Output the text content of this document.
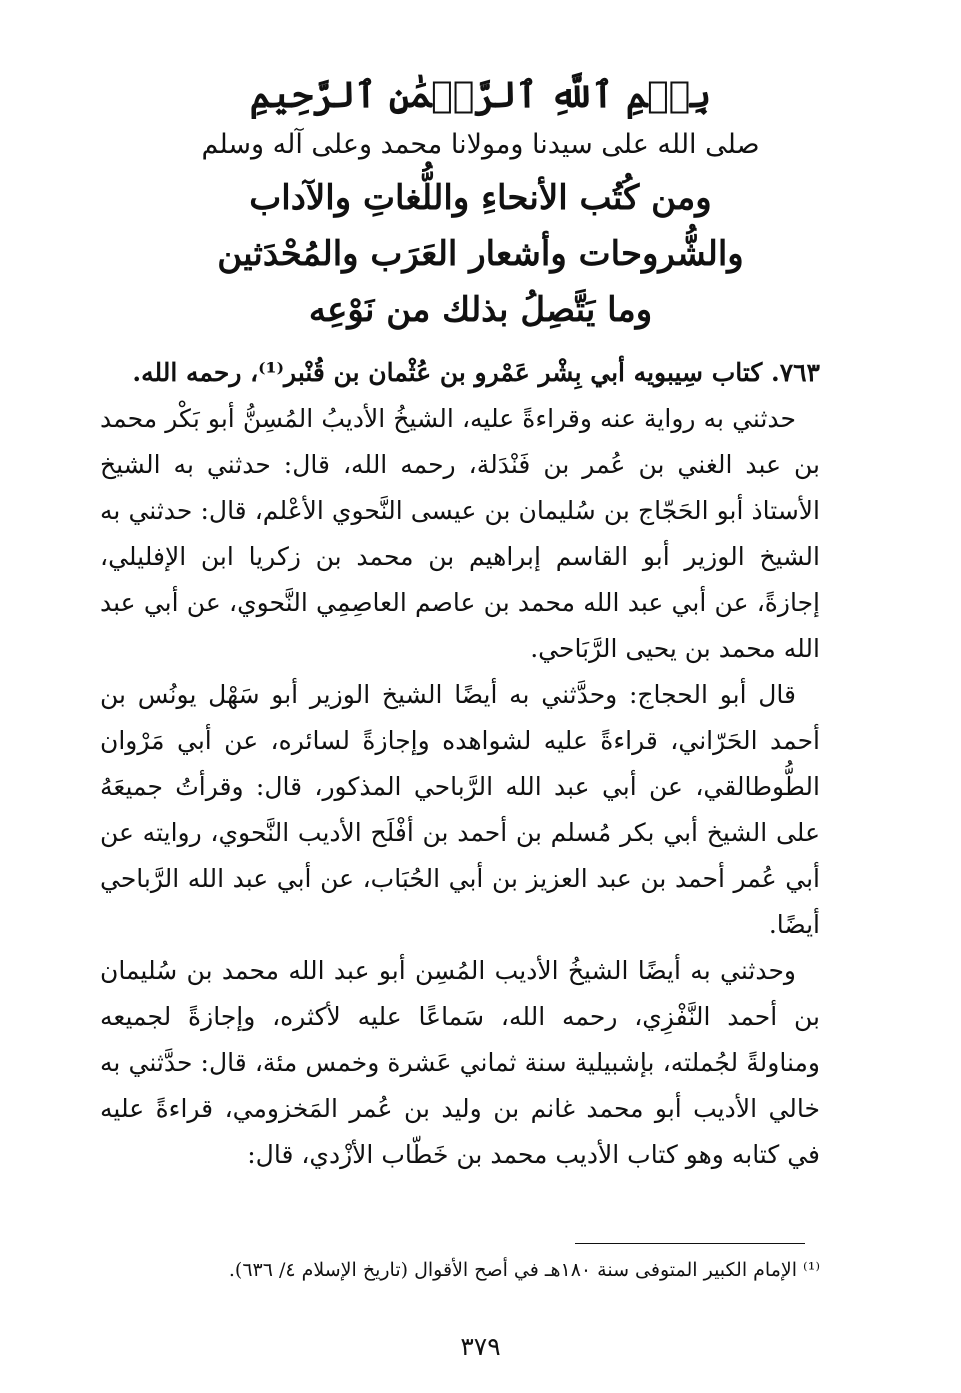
بِسۡمِ ٱللَّهِ ٱلرَّحۡمَٰنِ ٱلرَّحِيمِ
صلى الله على سيدنا ومولانا محمد وعلى آله وسلم
ومن كُتُب الأنحاءِ واللُّغاتِ والآداب
والشُّروحات وأشعار العَرَب والمُحْدَثين
وما يَتَّصِلُ بذلك من نَوْعِه

٧٦٣. كتاب سِيبويه أبي بِشْر عَمْرو بن عُثْمان بن قُنْبر⁽¹⁾، رحمه الله.

حدثني به رواية عنه وقراءةً عليه، الشيخُ الأديبُ المُسِنُّ أبو بَكْر محمد بن عبد الغني بن عُمر بن فَنْدَلة، رحمه الله، قال: حدثني به الشيخ الأستاذ أبو الحَجّاج بن سُليمان بن عيسى النَّحوي الأعْلم، قال: حدثني به الشيخ الوزير أبو القاسم إبراهيم بن محمد بن زكريا ابن الإفليلي، إجازةً، عن أبي عبد الله محمد بن عاصم العاصِمِي النَّحوي، عن أبي عبد الله محمد بن يحيى الرَّبَاحي.

قال أبو الحجاج: وحدَّثني به أيضًا الشيخ الوزير أبو سَهْل يونُس بن أحمد الحَرّاني، قراءةً عليه لشواهده وإجازةً لسائره، عن أبي مَرْوان الطُّوطالقي، عن أبي عبد الله الرَّباحي المذكور، قال: وقرأتُ جميعَهُ على الشيخ أبي بكر مُسلم بن أحمد بن أفْلَح الأديب النَّحوي، روايته عن أبي عُمر أحمد بن عبد العزيز بن أبي الحُبَاب، عن أبي عبد الله الرَّباحي أيضًا.

وحدثني به أيضًا الشيخُ الأديب المُسِن أبو عبد الله محمد بن سُليمان بن أحمد النَّفْزِي، رحمه الله، سَماعًا عليه لأكثره، وإجازةً لجميعه ومناولةً لجُملته، بإشبيلية سنة ثماني عَشرة وخمس مئة، قال: حدَّثني به خالي الأديب أبو محمد غانم بن وليد بن عُمر المَخزومي، قراءةً عليه في كتابه وهو كتاب الأديب محمد بن خَطّاب الأزْدي، قال:

⁽¹⁾ الإمام الكبير المتوفى سنة ١٨٠هـ في أصح الأقوال (تاريخ الإسلام ٤/ ٦٣٦).
٣٧٩
